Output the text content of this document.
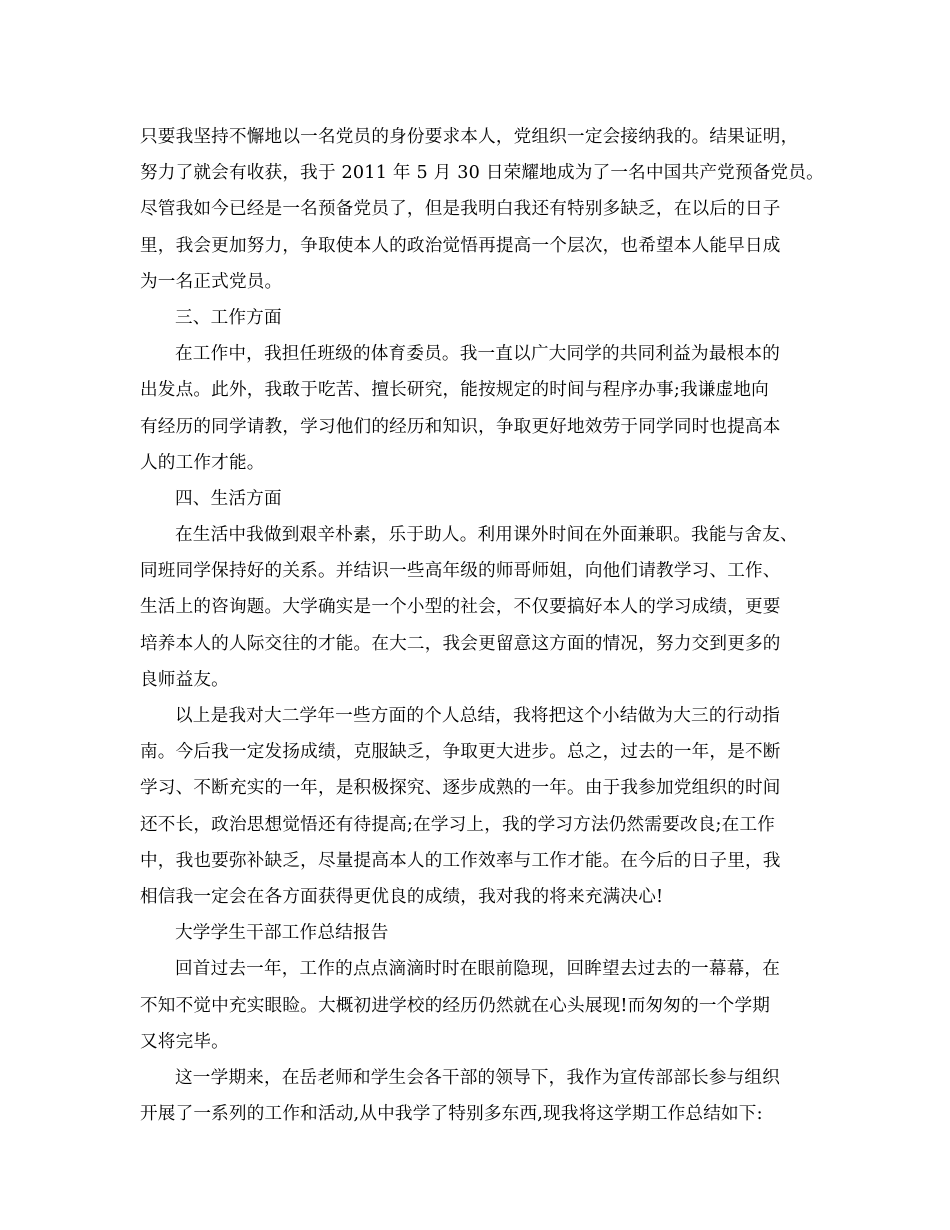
只要我坚持不懈地以一名党员的身份要求本人，党组织一定会接纳我的。结果证明，
努力了就会有收获，我于 2011 年 5 月 30 日荣耀地成为了一名中国共产党预备党员。
尽管我如今已经是一名预备党员了，但是我明白我还有特别多缺乏，在以后的日子
里，我会更加努力，争取使本人的政治觉悟再提高一个层次，也希望本人能早日成
为一名正式党员。
三、工作方面
在工作中，我担任班级的体育委员。我一直以广大同学的共同利益为最根本的
出发点。此外，我敢于吃苦、擅长研究，能按规定的时间与程序办事;我谦虚地向
有经历的同学请教，学习他们的经历和知识，争取更好地效劳于同学同时也提高本
人的工作才能。
四、生活方面
在生活中我做到艰辛朴素，乐于助人。利用课外时间在外面兼职。我能与舍友、
同班同学保持好的关系。并结识一些高年级的师哥师姐，向他们请教学习、工作、
生活上的咨询题。大学确实是一个小型的社会，不仅要搞好本人的学习成绩，更要
培养本人的人际交往的才能。在大二，我会更留意这方面的情况，努力交到更多的
良师益友。
以上是我对大二学年一些方面的个人总结，我将把这个小结做为大三的行动指
南。今后我一定发扬成绩，克服缺乏，争取更大进步。总之，过去的一年，是不断
学习、不断充实的一年，是积极探究、逐步成熟的一年。由于我参加党组织的时间
还不长，政治思想觉悟还有待提高;在学习上，我的学习方法仍然需要改良;在工作
中，我也要弥补缺乏，尽量提高本人的工作效率与工作才能。在今后的日子里，我
相信我一定会在各方面获得更优良的成绩，我对我的将来充满决心!
大学学生干部工作总结报告
回首过去一年，工作的点点滴滴时时在眼前隐现，回眸望去过去的一幕幕，在
不知不觉中充实眼睑。大概初进学校的经历仍然就在心头展现!而匆匆的一个学期
又将完毕。
这一学期来，在岳老师和学生会各干部的领导下，我作为宣传部部长参与组织
开展了一系列的工作和活动,从中我学了特别多东西,现我将这学期工作总结如下:
